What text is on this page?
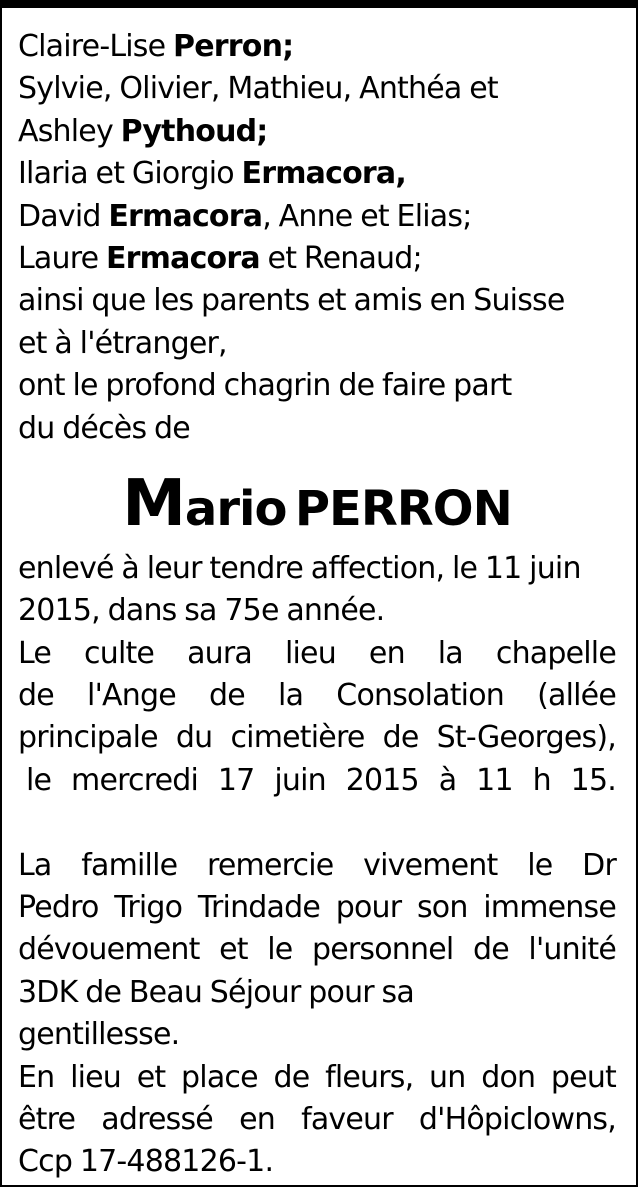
Claire-Lise Perron;
Sylvie, Olivier, Mathieu, Anthéa et
Ashley Pythoud;
Ilaria et Giorgio Ermacora,
David Ermacora, Anne et Elias;
Laure Ermacora et Renaud;
ainsi que les parents et amis en Suisse
et à l'étranger,
ont le profond chagrin de faire part
du décès de
Mario PERRON
enlevé à leur tendre affection, le 11 juin
2015, dans sa 75e année.
Le culte aura lieu en la chapelle
de l'Ange de la Consolation (allée
principale du cimetière de St-Georges),
le mercredi 17 juin 2015 à 11 h 15.
La famille remercie vivement le Dr
Pedro Trigo Trindade pour son immense
dévouement et le personnel de l'unité
3DK de Beau Séjour pour sa
gentillesse.
En lieu et place de fleurs, un don peut
être adressé en faveur d'Hôpiclowns,
Ccp 17-488126-1.
